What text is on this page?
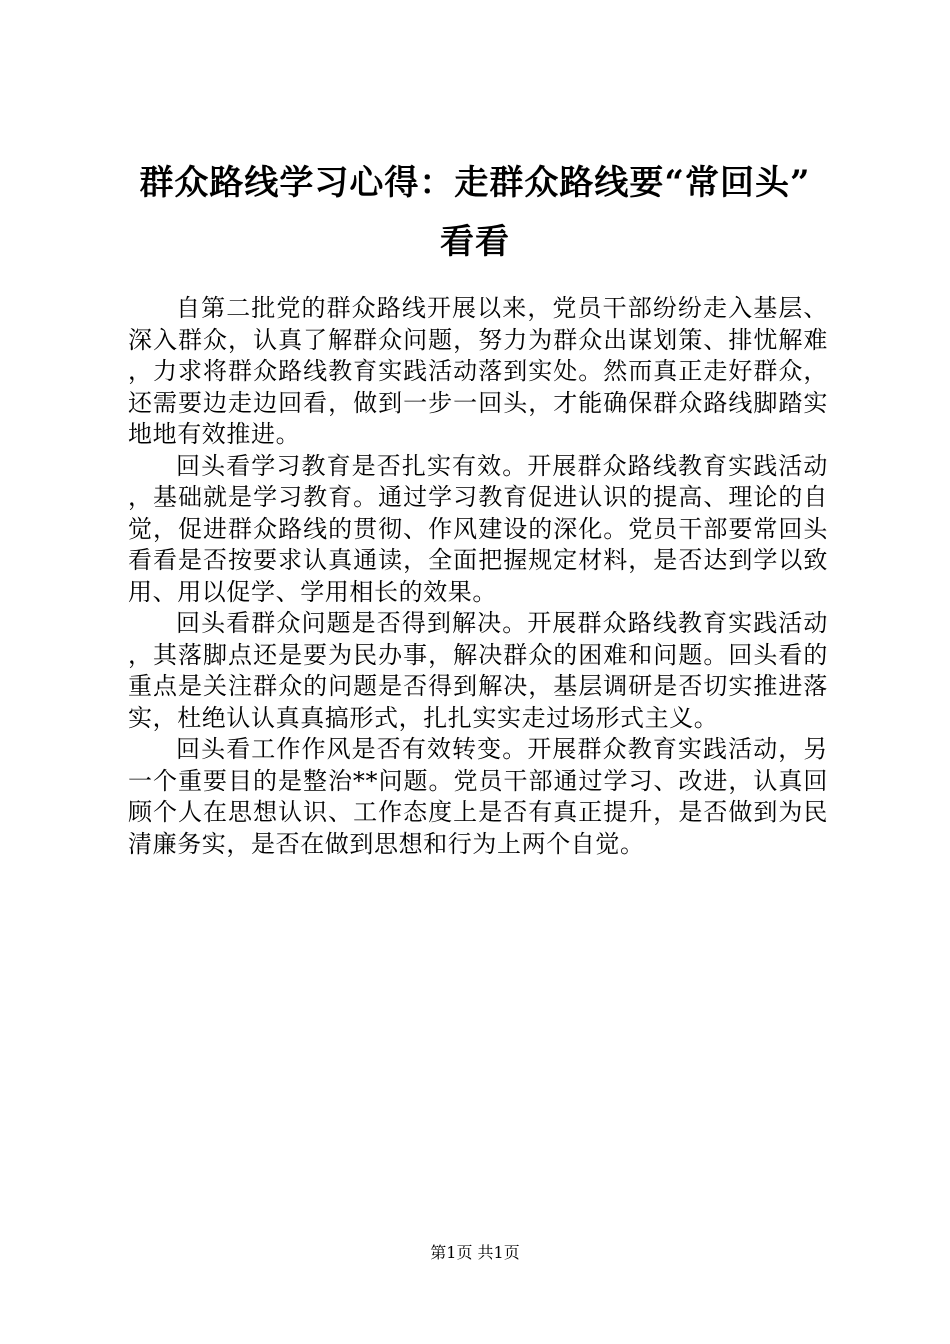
群众路线学习心得：走群众路线要“常回头”
看看

自第二批党的群众路线开展以来，党员干部纷纷走入基层、深入群众，认真了解群众问题，努力为群众出谋划策、排忧解难，力求将群众路线教育实践活动落到实处。然而真正走好群众，还需要边走边回看，做到一步一回头，才能确保群众路线脚踏实地地有效推进。

回头看学习教育是否扎实有效。开展群众路线教育实践活动，基础就是学习教育。通过学习教育促进认识的提高、理论的自觉，促进群众路线的贯彻、作风建设的深化。党员干部要常回头看看是否按要求认真通读，全面把握规定材料，是否达到学以致用、用以促学、学用相长的效果。

回头看群众问题是否得到解决。开展群众路线教育实践活动，其落脚点还是要为民办事，解决群众的困难和问题。回头看的重点是关注群众的问题是否得到解决，基层调研是否切实推进落实，杜绝认认真真搞形式，扎扎实实走过场形式主义。

回头看工作作风是否有效转变。开展群众教育实践活动，另一个重要目的是整治**问题。党员干部通过学习、改进，认真回顾个人在思想认识、工作态度上是否有真正提升，是否做到为民清廉务实，是否在做到思想和行为上两个自觉。

第1页 共1页
